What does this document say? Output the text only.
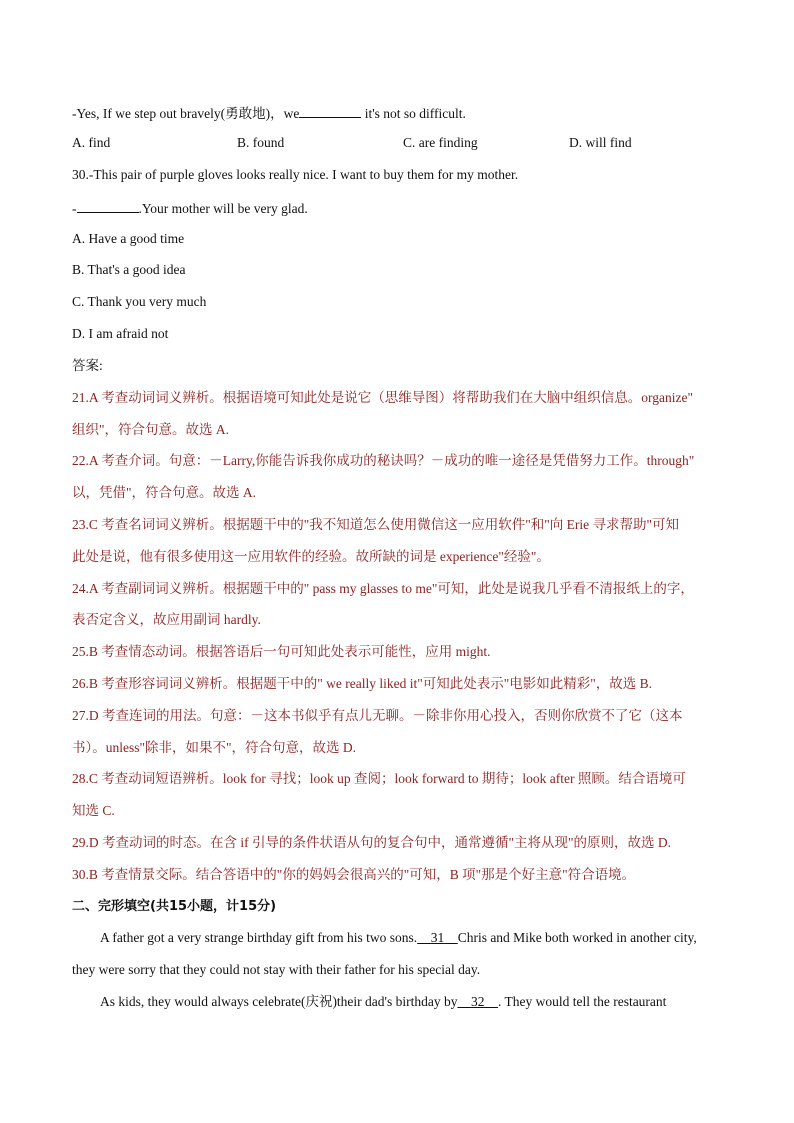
-Yes, If we step out bravely(勇敢地)，we	it's not so difficult.
A. find	B. found	C. are finding	D. will find
30.-This pair of purple gloves looks really nice. I want to buy them for my mother.
-	.Your mother will be very glad.
A. Have a good time
B. That's a good idea
C. Thank you very much
D. I am afraid not
答案:
21.A 考查动词词义辨析。根据语境可知此处是说它（思维导图）将帮助我们在大脑中组织信息。organize"
组织"，符合句意。故选 A.
22.A 考查介词。句意：－Larry,你能告诉我你成功的秘诀吗？－成功的唯一途径是凭借努力工作。through"
以，凭借"，符合句意。故选 A.
23.C 考查名词词义辨析。根据题干中的"我不知道怎么使用微信这一应用软件"和"向 Erie 寻求帮助"可知
此处是说，他有很多使用这一应用软件的经验。故所缺的词是 experience"经验"。
24.A 考查副词词义辨析。根据题干中的" pass my glasses to me"可知，此处是说我几乎看不清报纸上的字，
表否定含义，故应用副词 hardly.
25.B 考查情态动词。根据答语后一句可知此处表示可能性，应用 might.
26.B 考查形容词词义辨析。根据题干中的" we really liked it"可知此处表示"电影如此精彩"，故选 B.
27.D 考查连词的用法。句意：－这本书似乎有点儿无聊。－除非你用心投入，否则你欣赏不了它（这本
书）。unless"除非，如果不"，符合句意，故选 D.
28.C 考查动词短语辨析。look for 寻找；look up 查阅；look forward to 期待；look after 照顾。结合语境可
知选 C.
29.D 考查动词的时态。在含 if 引导的条件状语从句的复合句中，通常遵循"主将从现"的原则，故选 D.
30.B 考查情景交际。结合答语中的"你的妈妈会很高兴的"可知，B 项"那是个好主意"符合语境。
二、完形填空(共15小题，计15分)
A father got a very strange birthday gift from his two sons. 31 Chris and Mike both worked in another city,
they were sorry that they could not stay with their father for his special day.
As kids, they would always celebrate(庆祝)their dad's birthday by 32 . They would tell the restaurant
